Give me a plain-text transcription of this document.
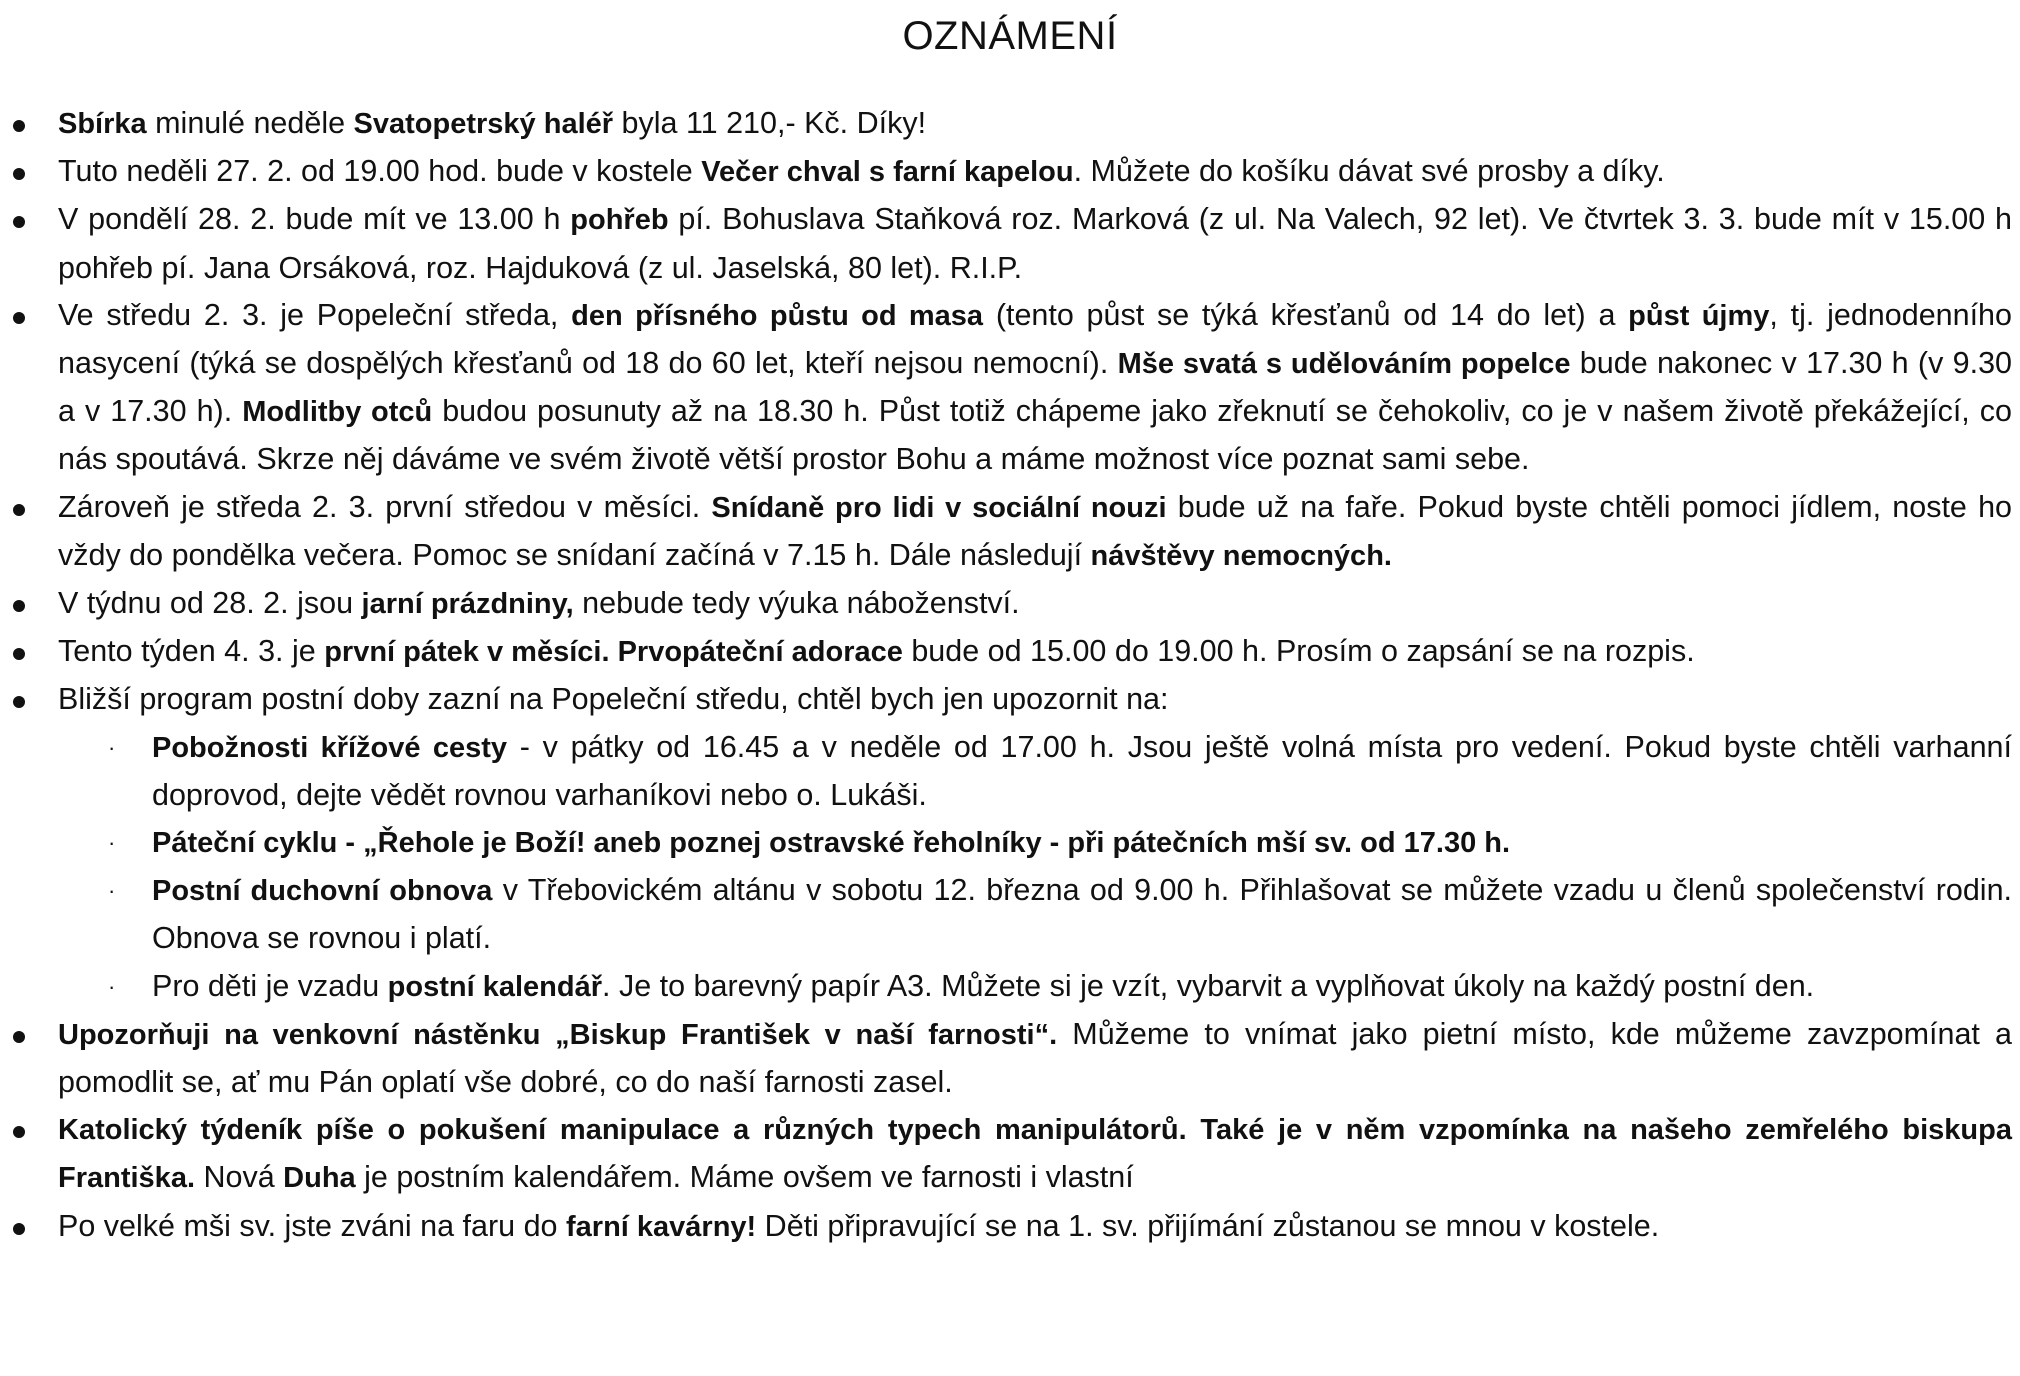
OZNÁMENÍ
Sbírka minulé neděle Svatopetrský haléř byla 11 210,- Kč. Díky!
Tuto neděli 27. 2. od 19.00 hod. bude v kostele Večer chval s farní kapelou. Můžete do košíku dávat své prosby a díky.
V pondělí 28. 2. bude mít ve 13.00 h pohřeb pí. Bohuslava Staňková roz. Marková (z ul. Na Valech, 92 let). Ve čtvrtek 3. 3. bude mít v 15.00 h pohřeb pí. Jana Orsáková, roz. Hajduková (z ul. Jaselská, 80 let). R.I.P.
Ve středu 2. 3. je Popeleční středa, den přísného půstu od masa (tento půst se týká křesťanů od 14 do let) a půst újmy, tj. jednodenního nasycení (týká se dospělých křesťanů od 18 do 60 let, kteří nejsou nemocní). Mše svatá s udělováním popelce bude nakonec v 17.30 h (v 9.30 a v 17.30 h). Modlitby otců budou posunuty až na 18.30 h. Půst totiž chápeme jako zřeknutí se čehokoliv, co je v našem životě překážející, co nás spoutává. Skrze něj dáváme ve svém životě větší prostor Bohu a máme možnost více poznat sami sebe.
Zároveň je středa 2. 3. první středou v měsíci. Snídaně pro lidi v sociální nouzi bude už na faře. Pokud byste chtěli pomoci jídlem, noste ho vždy do pondělka večera. Pomoc se snídaní začíná v 7.15 h. Dále následují návštěvy nemocných.
V týdnu od 28. 2. jsou jarní prázdniny, nebude tedy výuka náboženství.
Tento týden 4. 3. je první pátek v měsíci. Prvopáteční adorace bude od 15.00 do 19.00 h. Prosím o zapsání se na rozpis.
Bližší program postní doby zazní na Popeleční středu, chtěl bych jen upozornit na:
· Pobožnosti křížové cesty - v pátky od 16.45 a v neděle od 17.00 h. Jsou ještě volná místa pro vedení. Pokud byste chtěli varhanní doprovod, dejte vědět rovnou varhaníkovi nebo o. Lukáši.
· Páteční cyklu - „Řehole je Boží! aneb poznej ostravské řeholníky - při pátečních mší sv. od 17.30 h.
· Postní duchovní obnova v Třebovickém altánu v sobotu 12. března od 9.00 h. Přihlašovat se můžete vzadu u členů společenství rodin. Obnova se rovnou i platí.
· Pro děti je vzadu postní kalendář. Je to barevný papír A3. Můžete si je vzít, vybarvit a vyplňovat úkoly na každý postní den.
Upozorňuji na venkovní nástěnku „Biskup František v naší farnosti“. Můžeme to vnímat jako pietní místo, kde můžeme zavzpomínat a pomodlit se, ať mu Pán oplatí vše dobré, co do naší farnosti zasel.
Katolický týdeník píše o pokušení manipulace a různých typech manipulátorů. Také je v něm vzpomínka na našeho zemřelého biskupa Františka. Nová Duha je postním kalendářem. Máme ovšem ve farnosti i vlastní
Po velké mši sv. jste zváni na faru do farní kavárny! Děti připravující se na 1. sv. přijímání zůstanou se mnou v kostele.
